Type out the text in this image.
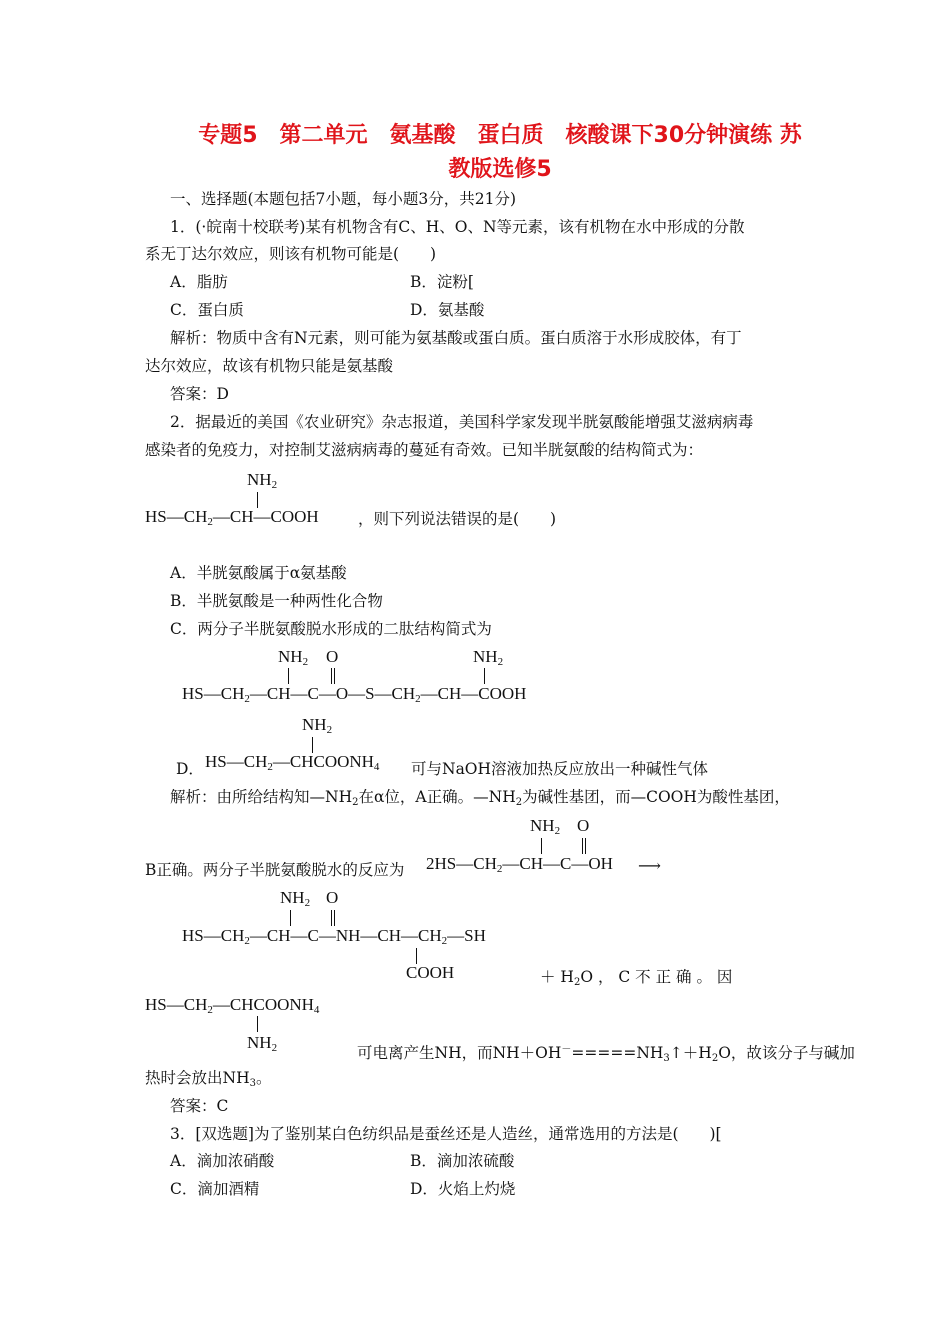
专题5　第二单元　氨基酸　蛋白质　核酸课下30分钟演练 苏
教版选修5
一、选择题(本题包括7小题，每小题3分，共21分)
1．(·皖南十校联考)某有机物含有C、H、O、N等元素，该有机物在水中形成的分散
系无丁达尔效应，则该有机物可能是(　　)
A．脂肪	B．淀粉[
C．蛋白质	D．氨基酸
解析：物质中含有N元素，则可能为氨基酸或蛋白质。蛋白质溶于水形成胶体，有丁
达尔效应，故该有机物只能是氨基酸
答案：D
2．据最近的美国《农业研究》杂志报道，美国科学家发现半胱氨酸能增强艾滋病病毒
感染者的免疫力，对控制艾滋病病毒的蔓延有奇效。已知半胱氨酸的结构简式为：
$NH_2$
$HS—CH_2—CH—COOH$	，则下列说法错误的是(　　)
A．半胱氨酸属于α氨基酸
B．半胱氨酸是一种两性化合物
C．两分子半胱氨酸脱水形成的二肽结构简式为
$NH_2$ O	$NH_2$
$HS—CH_2—CH—C—O—S—CH_2—CH—COOH$
$NH_2$
D． $HS—CH_2—CHCOONH_4$ 可与NaOH溶液加热反应放出一种碱性气体
解析：由所给结构知$—NH_2$在α位，A正确。$—NH_2$为碱性基团，而—COOH为酸性基团，
$NH_2$ O
B正确。两分子半胱氨酸脱水的反应为 $2HS—CH_2—CH—C—OH$ ⟶
$NH_2$ O
$HS—CH_2—CH—C—NH—CH—CH_2—SH$
COOH	＋ $H_2O$ ， C 不 正 确 。 因
$HS—CH_2—CHCOONH_4$
$NH_2$	可电离产生NH，而$NH+OH^-=====NH_3↑+H_2O$，故该分子与碱加
热时会放出$NH_3$。
答案：C
3．[双选题]为了鉴别某白色纺织品是蚕丝还是人造丝，通常选用的方法是(　　)[
A．滴加浓硝酸	B．滴加浓硫酸
C．滴加酒精	D．火焰上灼烧
